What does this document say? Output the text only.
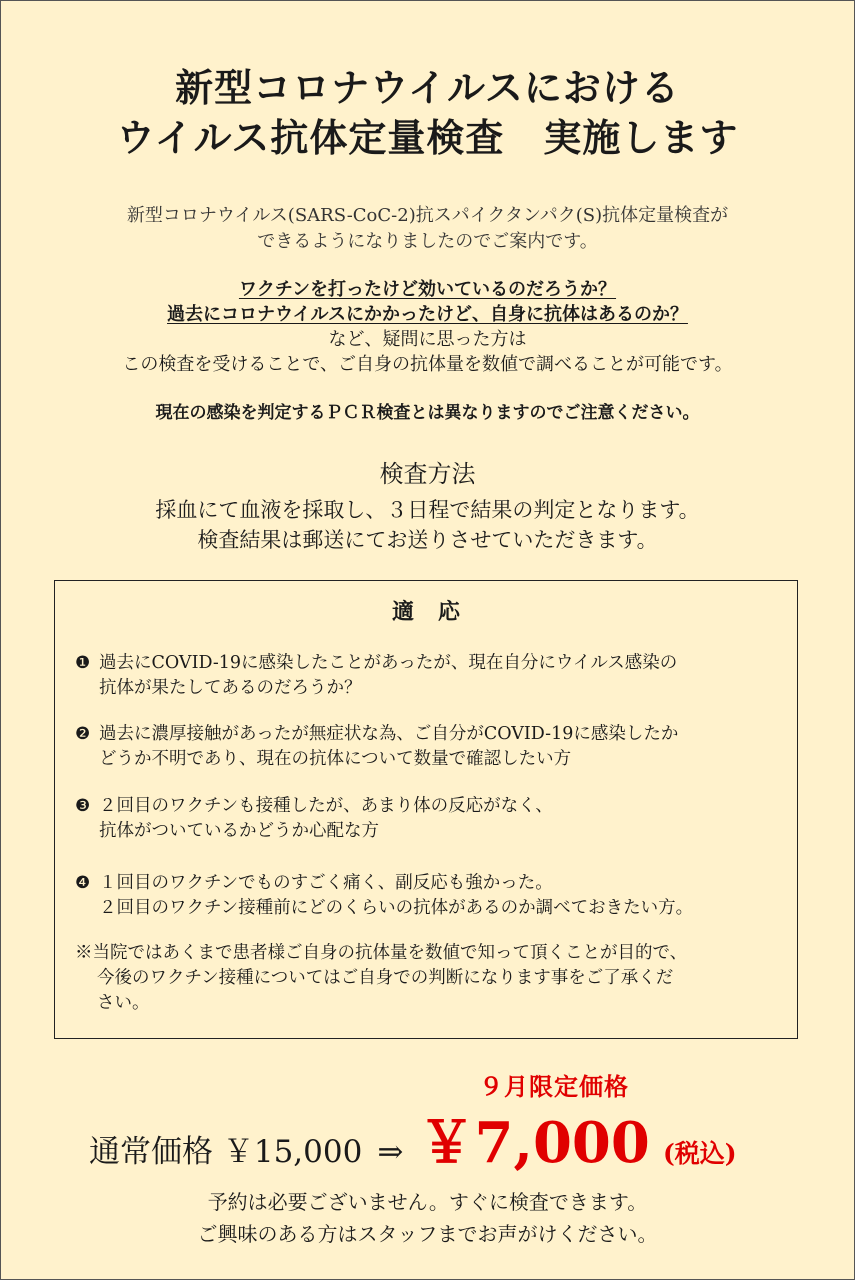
新型コロナウイルスにおける
ウイルス抗体定量検査　実施します
新型コロナウイルス(SARS-CoC-2)抗スパイクタンパク(S)抗体定量検査が
できるようになりましたのでご案内です。
ワクチンを打ったけど効いているのだろうか？
過去にコロナウイルスにかかったけど、自身に抗体はあるのか？
など、疑問に思った方は
この検査を受けることで、ご自身の抗体量を数値で調べることが可能です。
現在の感染を判定するＰＣＲ検査とは異なりますのでご注意ください。
検査方法
採血にて血液を採取し、３日程で結果の判定となります。
検査結果は郵送にてお送りさせていただきます。
適応
❶ 過去にCOVID-19に感染したことがあったが、現在自分にウイルス感染の
抗体が果たしてあるのだろうか？
❷ 過去に濃厚接触があったが無症状な為、ご自分がCOVID-19に感染したか
どうか不明であり、現在の抗体について数量で確認したい方
❸ ２回目のワクチンも接種したが、あまり体の反応がなく、
抗体がついているかどうか心配な方
❹ １回目のワクチンでものすごく痛く、副反応も強かった。
２回目のワクチン接種前にどのくらいの抗体があるのか調べておきたい方。
※当院ではあくまで患者様ご自身の抗体量を数値で知って頂くことが目的で、
今後のワクチン接種についてはご自身での判断になります事をご了承くだ
さい。
９月限定価格
通常価格 ￥15,000 ⇒ ￥7,000 (税込)
予約は必要ございません。すぐに検査できます。
ご興味のある方はスタッフまでお声がけください。
